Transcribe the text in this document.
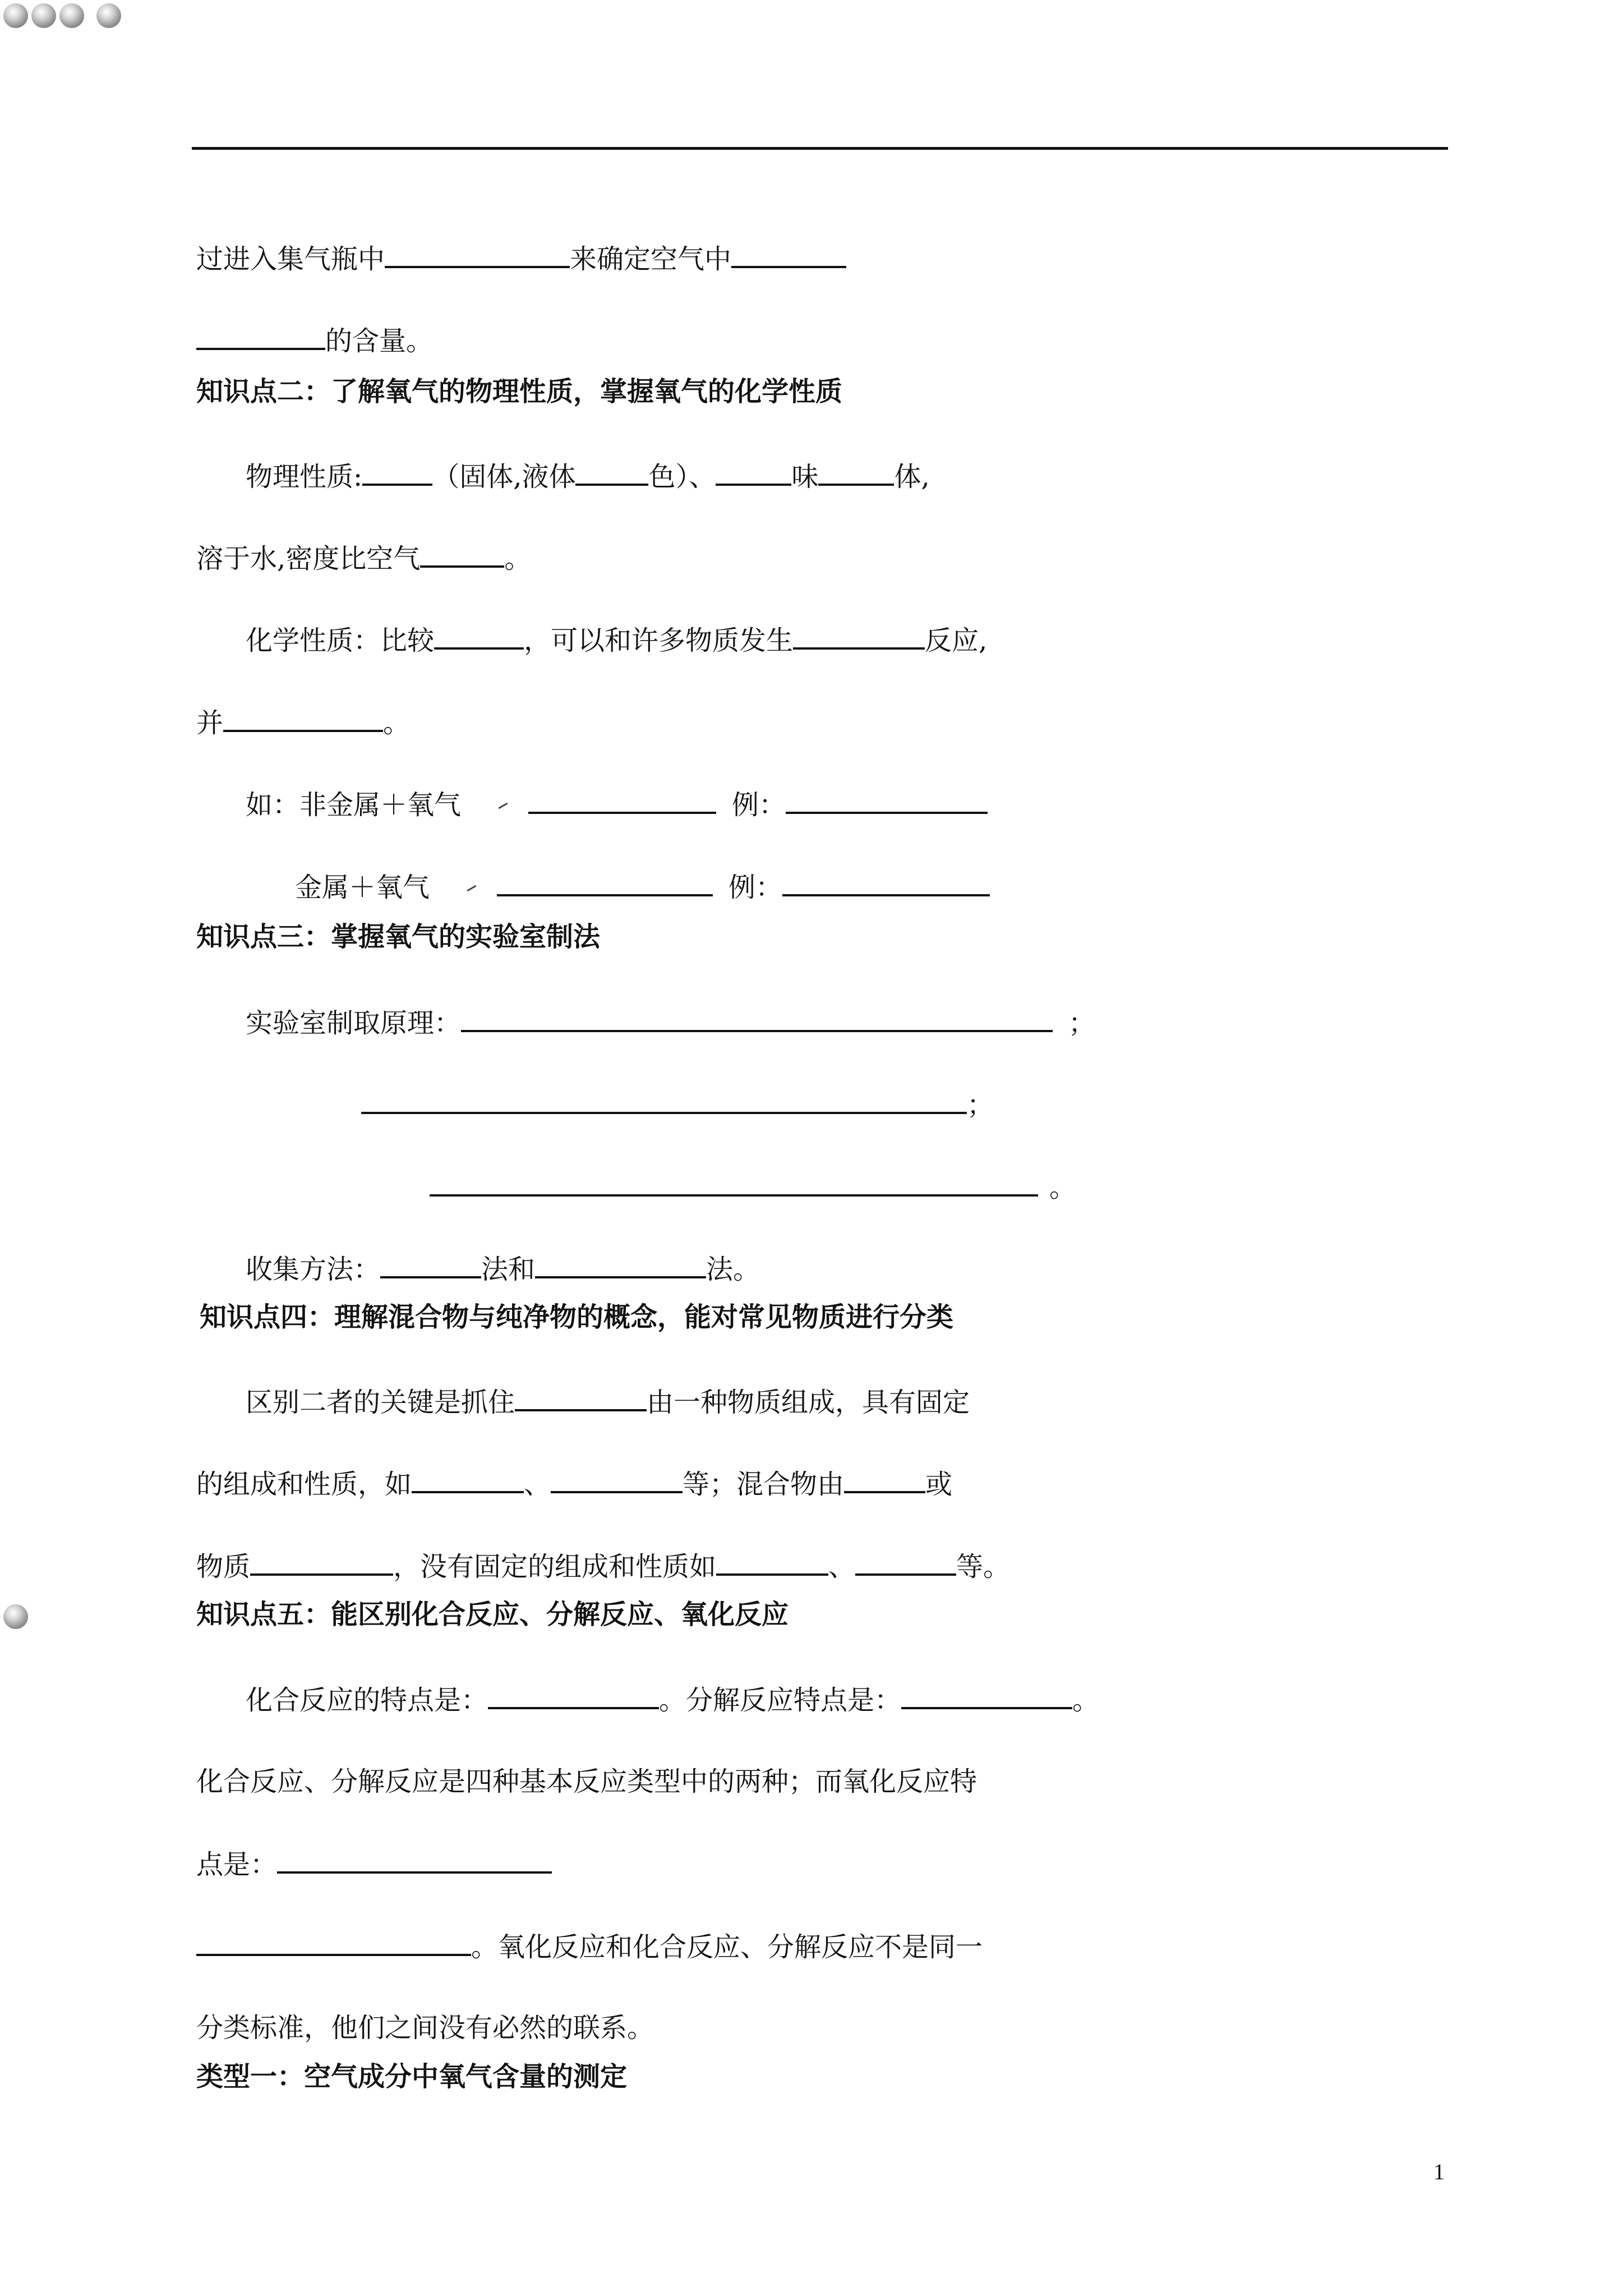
过进入集气瓶中	来确定空气中
的含量。
知识点二：了解氧气的物理性质，掌握氧气的化学性质
物理性质:	（固体,液体	色）、	味	体,
溶于水,密度比空气	。
化学性质：比较	，可以和许多物质发生	反应,
并	。
如：非金属＋氧气	例：
金属＋氧气	例：
知识点三：掌握氧气的实验室制法
实验室制取原理：	；
；
。
收集方法：	法和	法。
知识点四：理解混合物与纯净物的概念，能对常见物质进行分类
区别二者的关键是抓住	由一种物质组成，具有固定
的组成和性质，如	、	等；混合物由	或
物质	，没有固定的组成和性质如	、	等。
知识点五：能区别化合反应、分解反应、氧化反应
化合反应的特点是：	。分解反应特点是：	。
化合反应、分解反应是四种基本反应类型中的两种；而氧化反应特
点是：
。氧化反应和化合反应、分解反应不是同一
分类标准，他们之间没有必然的联系。
类型一：空气成分中氧气含量的测定
1
